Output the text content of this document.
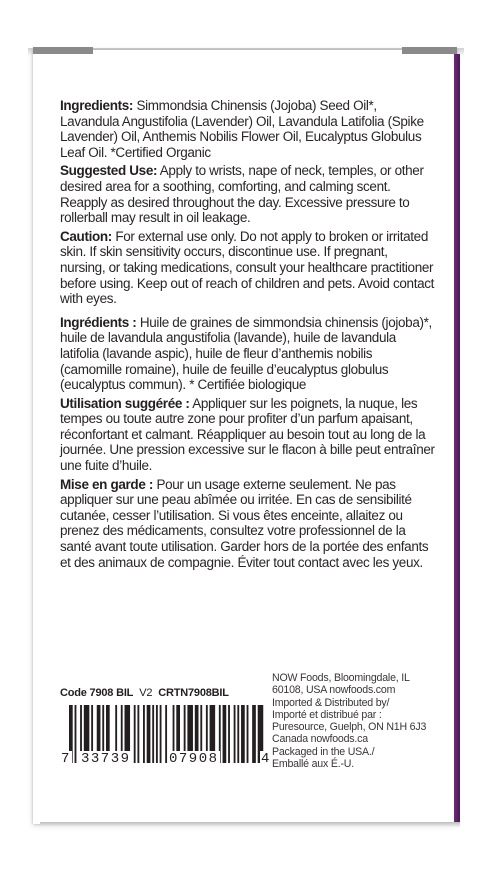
Ingredients: Simmondsia Chinensis (Jojoba) Seed Oil*, Lavandula Angustifolia (Lavender) Oil, Lavandula Latifolia (Spike Lavender) Oil, Anthemis Nobilis Flower Oil, Eucalyptus Globulus Leaf Oil. *Certified Organic

Suggested Use: Apply to wrists, nape of neck, temples, or other desired area for a soothing, comforting, and calming scent. Reapply as desired throughout the day. Excessive pressure to rollerball may result in oil leakage.

Caution: For external use only. Do not apply to broken or irritated skin. If skin sensitivity occurs, discontinue use. If pregnant, nursing, or taking medications, consult your healthcare practitioner before using. Keep out of reach of children and pets. Avoid contact with eyes.

Ingrédients : Huile de graines de simmondsia chinensis (jojoba)*, huile de lavandula angustifolia (lavande), huile de lavandula latifolia (lavande aspic), huile de fleur d’anthemis nobilis (camomille romaine), huile de feuille d’eucalyptus globulus (eucalyptus commun). * Certifiée biologique

Utilisation suggérée : Appliquer sur les poignets, la nuque, les tempes ou toute autre zone pour profiter d’un parfum apaisant, réconfortant et calmant. Réappliquer au besoin tout au long de la journée. Une pression excessive sur le flacon à bille peut entraîner une fuite d’huile.

Mise en garde : Pour un usage externe seulement. Ne pas appliquer sur une peau abîmée ou irritée. En cas de sensibilité cutanée, cesser l’utilisation. Si vous êtes enceinte, allaitez ou prenez des médicaments, consultez votre professionnel de la santé avant toute utilisation. Garder hors de la portée des enfants et des animaux de compagnie. Éviter tout contact avec les yeux.

Code 7908 BIL V2 CRTN7908BIL
7 33739	07908	4
NOW Foods, Bloomingdale, IL
60108, USA nowfoods.com
Imported & Distributed by/
Importé et distribué par :
Puresource, Guelph, ON N1H 6J3
Canada nowfoods.ca
Packaged in the USA./
Emballé aux É.-U.
